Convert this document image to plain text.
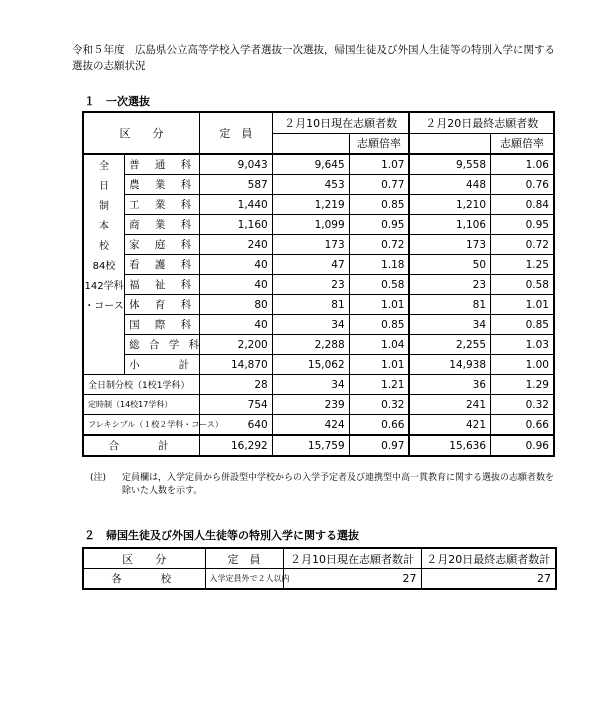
令和５年度　広島県公立高等学校入学者選抜一次選抜，帰国生徒及び外国人生徒等の特別入学に関する選抜の志願状況
１　一次選抜
区　　分		定　員	２月10日現在志願者数		２月20日最終志願者数	
				志願倍率		志願倍率
全	普 通 科	9,043	9,645	1.07	9,558	1.06
日	農 業 科	587	453	0.77	448	0.76
制	工 業 科	1,440	1,219	0.85	1,210	0.84
本	商 業 科	1,160	1,099	0.95	1,106	0.95
校	家 庭 科	240	173	0.72	173	0.72
84校	看 護 科	40	47	1.18	50	1.25
142学科	福 祉 科	40	23	0.58	23	0.58
・コース	体 育 科	80	81	1.01	81	1.01
	国 際 科	40	34	0.85	34	0.85
	総 合 学 科	2,200	2,288	1.04	2,255	1.03
	小　　計	14,870	15,062	1.01	14,938	1.00
全日制分校（1校1学科）		28	34	1.21	36	1.29
定時制（14校17学科）		754	239	0.32	241	0.32
フレキシブル（１校２学科・コース）		640	424	0.66	421	0.66
合　　計		16,292	15,759	0.97	15,636	0.96
(注) 定員欄は，入学定員から併設型中学校からの入学予定者及び連携型中高一貫教育に関する選抜の志願者数を除いた人数を示す。
２　帰国生徒及び外国人生徒等の特別入学に関する選抜
区　　分	定　員	２月10日現在志願者数計	２月20日最終志願者数計
各　　校	入学定員外で２人以内	27	27
